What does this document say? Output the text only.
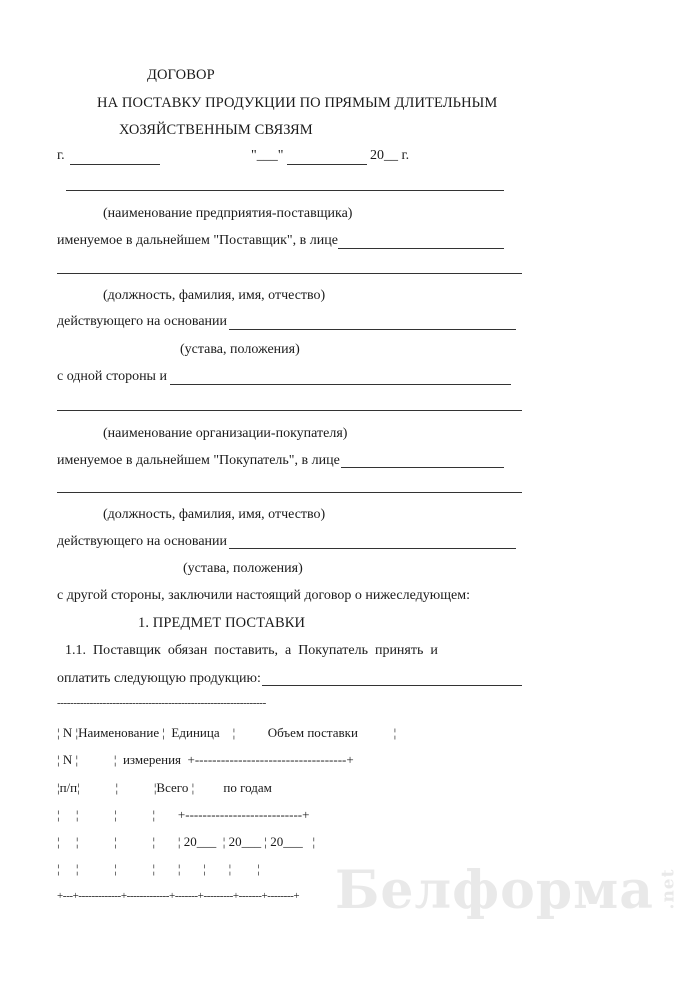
ДОГОВОР
НА ПОСТАВКУ ПРОДУКЦИИ ПО ПРЯМЫМ ДЛИТЕЛЬНЫМ
ХОЗЯЙСТВЕННЫМ СВЯЗЯМ
г.	"___"	20__ г.
(наименование предприятия-поставщика)
именуемое в дальнейшем "Поставщик", в лице
(должность, фамилия, имя, отчество)
действующего на основании
(устава, положения)
с одной стороны и
(наименование организации-покупателя)
именуемое в дальнейшем "Покупатель", в лице
(должность, фамилия, имя, отчество)
действующего на основании
(устава, положения)
с другой стороны, заключили настоящий договор о нижеследующем:
1. ПРЕДМЕТ ПОСТАВКИ
1.1.  Поставщик  обязан  поставить,  а  Покупатель  принять  и
оплатить следующую продукцию:
----------------------------------------------------------------
¦ N ¦Наименование ¦  Единица    ¦          Объем поставки           ¦
¦ N ¦           ¦  измерения  +-----------------------------------+
¦п/п¦           ¦           ¦Всего ¦         по годам
¦     ¦           ¦           ¦       +---------------------------+
¦     ¦           ¦           ¦       ¦ 20___  ¦ 20___ ¦ 20___   ¦
¦     ¦           ¦           ¦       ¦       ¦       ¦        ¦
+---+-------------+-------------+-------+---------+-------+--------+ Белформа .net
